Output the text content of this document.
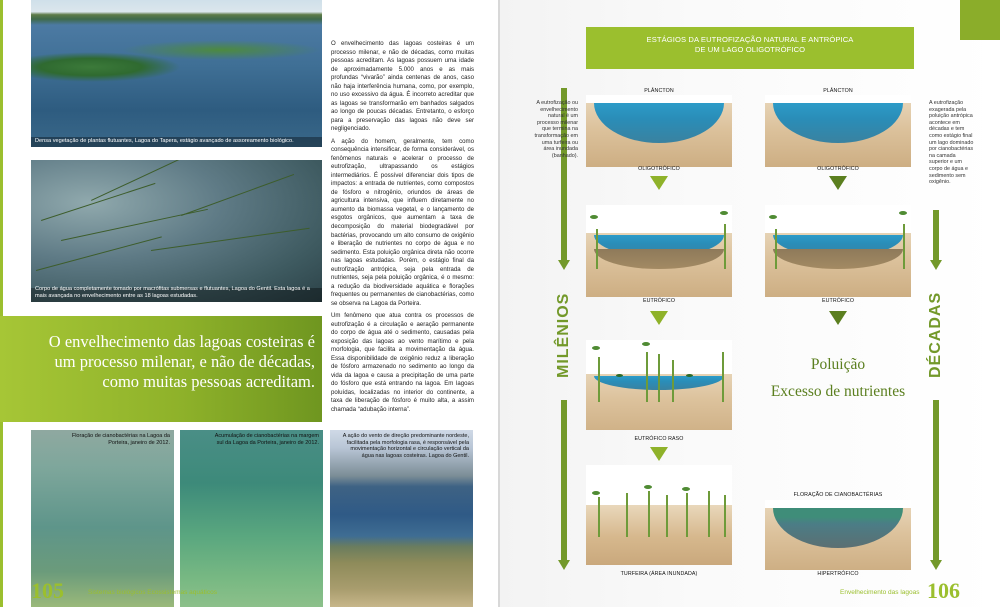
Densa vegetação de plantas flutuantes, Lagoa do Tapera, estágio avançado de assoreamento biológico.
Corpo de água completamente tomado por macrófitas submersas e flutuantes, Lagoa do Gentil. Esta lagoa é a mais avançada no envelhecimento entre as 18 lagoas estudadas.
O envelhecimento das lagoas costeiras é um processo milenar, e não de décadas, como muitas pessoas acreditam.

O envelhecimento das lagoas costeiras é um processo milenar, e não de décadas, como muitas pessoas acreditam. As lagoas possuem uma idade de aproximadamente 5.000 anos e as mais profundas “vivarão” ainda centenas de anos, caso não haja interferência humana, como, por exemplo, no uso excessivo da água. É incorreto acreditar que as lagoas se transformarão em banhados salgados ao longo de poucas décadas. Entretanto, o esforço para a preservação das lagoas não deve ser negligenciado.

A ação do homem, geralmente, tem como consequência intensificar, de forma considerável, os fenômenos naturais e acelerar o processo de eutrofização, ultrapassando os estágios intermediários. É possível diferenciar dois tipos de impactos: a entrada de nutrientes, como compostos de fósforo e nitrogênio, oriundos de áreas de agricultura intensiva, que influem diretamente no aumento da biomassa vegetal, e o lançamento de esgotos orgânicos, que aumentam a taxa de decomposição do material biodegradável por bactérias, provocando um alto consumo de oxigênio e liberação de nutrientes no corpo de água e no sedimento. Esta poluição orgânica direta não ocorre nas lagoas estudadas. Porém, o estágio final da eutrofização antrópica, seja pela entrada de nutrientes, seja pela poluição orgânica, é o mesmo: a redução da biodiversidade aquática e florações frequentes ou permanentes de cianobactérias, como se observa na Lagoa da Porteira.

Um fenômeno que atua contra os processos de eutrofização é a circulação e aeração permanente do corpo de água até o sedimento, causadas pela exposição das lagoas ao vento marítimo e pela morfologia, que facilita a movimentação da água. Essa disponibilidade de oxigênio reduz a liberação de fósforo armazenado no sedimento ao longo da vida da lagoa e causa a precipitação de uma parte do fósforo que está entrando na lagoa. Em lagoas poluídas, localizadas no interior do continente, a taxa de liberação de fósforo é muito alta, a assim chamada “adubação interna”.

Floração de cianobactérias na Lagoa da Porteira, janeiro de 2012.
Acumulação de cianobactérias na margem sul da Lagoa da Porteira, janeiro de 2012.
A ação do vento de direção predominante nordeste, facilitada pela morfologia rasa, é responsável pela movimentação horizontal e circulação vertical da água nas lagoas costeiras. Lagoa do Gentil.
105	Sistemas biológicos Ecossistemas aquáticos
ESTÁGIOS DA EUTROFIZAÇÃO NATURAL E ANTRÓPICA
DE UM LAGO OLIGOTRÓFICO
MILÊNIOS	DÉCADAS
A eutrofização ou envelhecimento natural é um processo milenar que termina na transformação em uma turfeira ou área inundada (banhado).
A eutrofização exagerada pela poluição antrópica acontece em décadas e tem como estágio final um lago dominado por cianobactérias na camada superior e um corpo de água e sedimento sem oxigênio.
PLÂNCTON
OLIGOTRÓFICO
EUTRÓFICO
EUTRÓFICO RASO
TURFEIRA (ÁREA INUNDADA)
PLÂNCTON
OLIGOTRÓFICO
EUTRÓFICO
Poluição
Excesso de nutrientes
FLORAÇÃO DE CIANOBACTÉRIAS
HIPERTRÓFICO
Envelhecimento das lagoas 106
